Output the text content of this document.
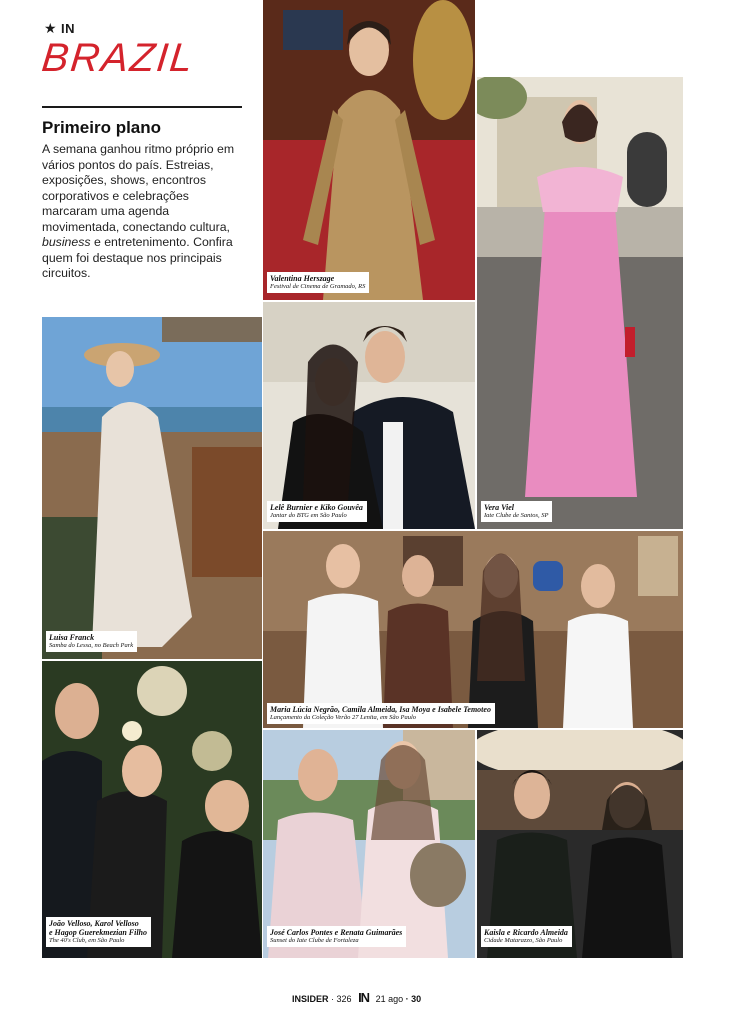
★ IN
BRAZIL
Primeiro plano
A semana ganhou ritmo próprio em vários pontos do país. Estreias, exposições, shows, encontros corporativos e celebrações marcaram uma agenda movimentada, conectando cultura, business e entretenimento. Confira quem foi destaque nos principais circuitos.	Valentina Herszage
Festival de Cinema de Gramado, RS
Vera Viel
Iate Clube de Santos, SP
Luisa Franck
Samba do Lessa, no Beach Park
Lelê Burnier e Kiko Gouvêa
Jantar do BTG em São Paulo
Maria Lúcia Negrão, Camila Almeida, Isa Moya e Isabele Temoteo
Lançamento da Coleção Verão 27 Lenita, em São Paulo
João Velloso, Karol Velloso
e Hagop Guerekmezian Filho
The 40's Club, em São Paulo
José Carlos Pontes e Renata Guimarães
Sunset do Iate Clube de Fortaleza
Kaisla e Ricardo Almeida
Cidade Matarazzo, São Paulo
INSIDER · 326 IN 21 ago · 30
